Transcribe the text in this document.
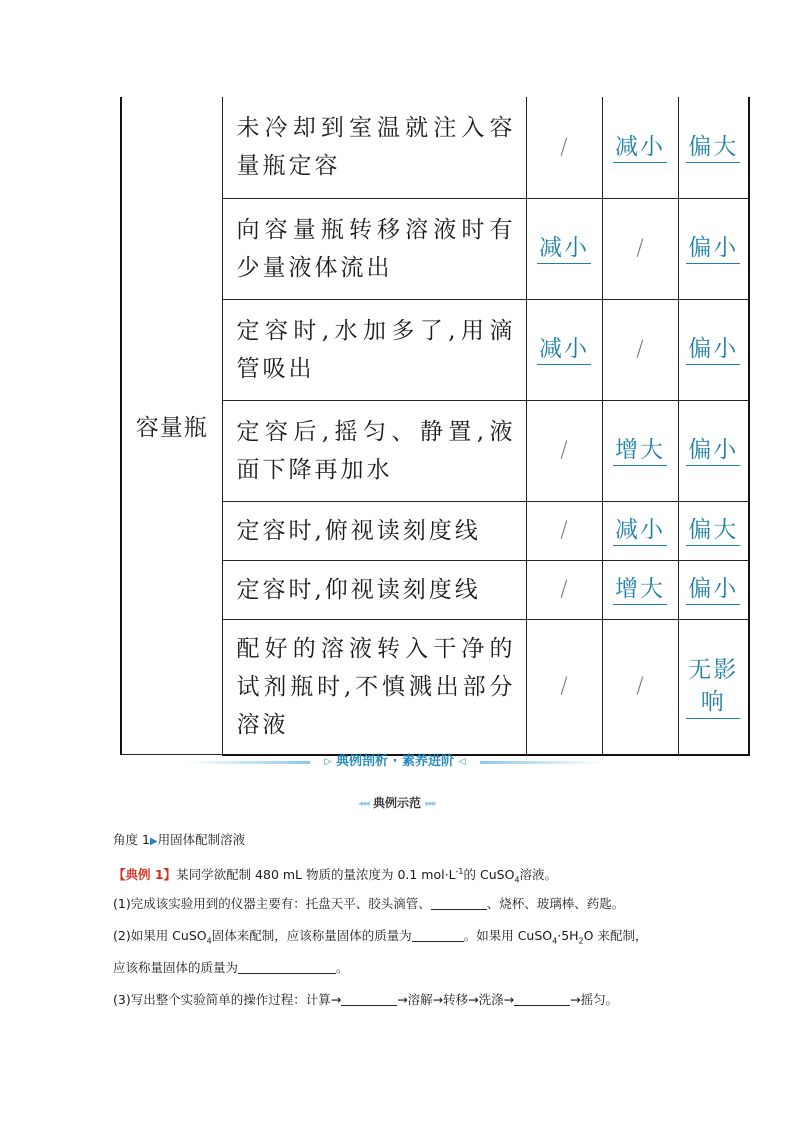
容量瓶	未冷却到室温就注入容量瓶定容	/	减小	偏大
	向容量瓶转移溶液时有少量液体流出	减小	/	偏小
	定容时,水加多了,用滴管吸出	减小	/	偏小
	定容后,摇匀、静置,液面下降再加水	/	增大	偏小
	定容时,俯视读刻度线	/	减小	偏大
	定容时,仰视读刻度线	/	增大	偏小
	配好的溶液转入干净的试剂瓶时,不慎溅出部分溶液	/	/	无影响
▷ 典例剖析 · 素养进阶 ◁
◂◂◂ 典例示范 ▸▸▸
角度 1▶用固体配制溶液
【典例 1】某同学欲配制 480 mL 物质的量浓度为 0.1 $mol\cdot L^{-1}$的 CuSO$_4$溶液。
(1)完成该实验用到的仪器主要有：托盘天平、胶头滴管、	、烧杯、玻璃棒、药匙。
(2)如果用 CuSO$_4$固体来配制，应该称量固体的质量为	。如果用 $CuSO_4\cdot 5H_2O$ 来配制，
应该称量固体的质量为	。
(3)写出整个实验简单的操作过程：计算→	→溶解→转移→洗涤→	→摇匀。
